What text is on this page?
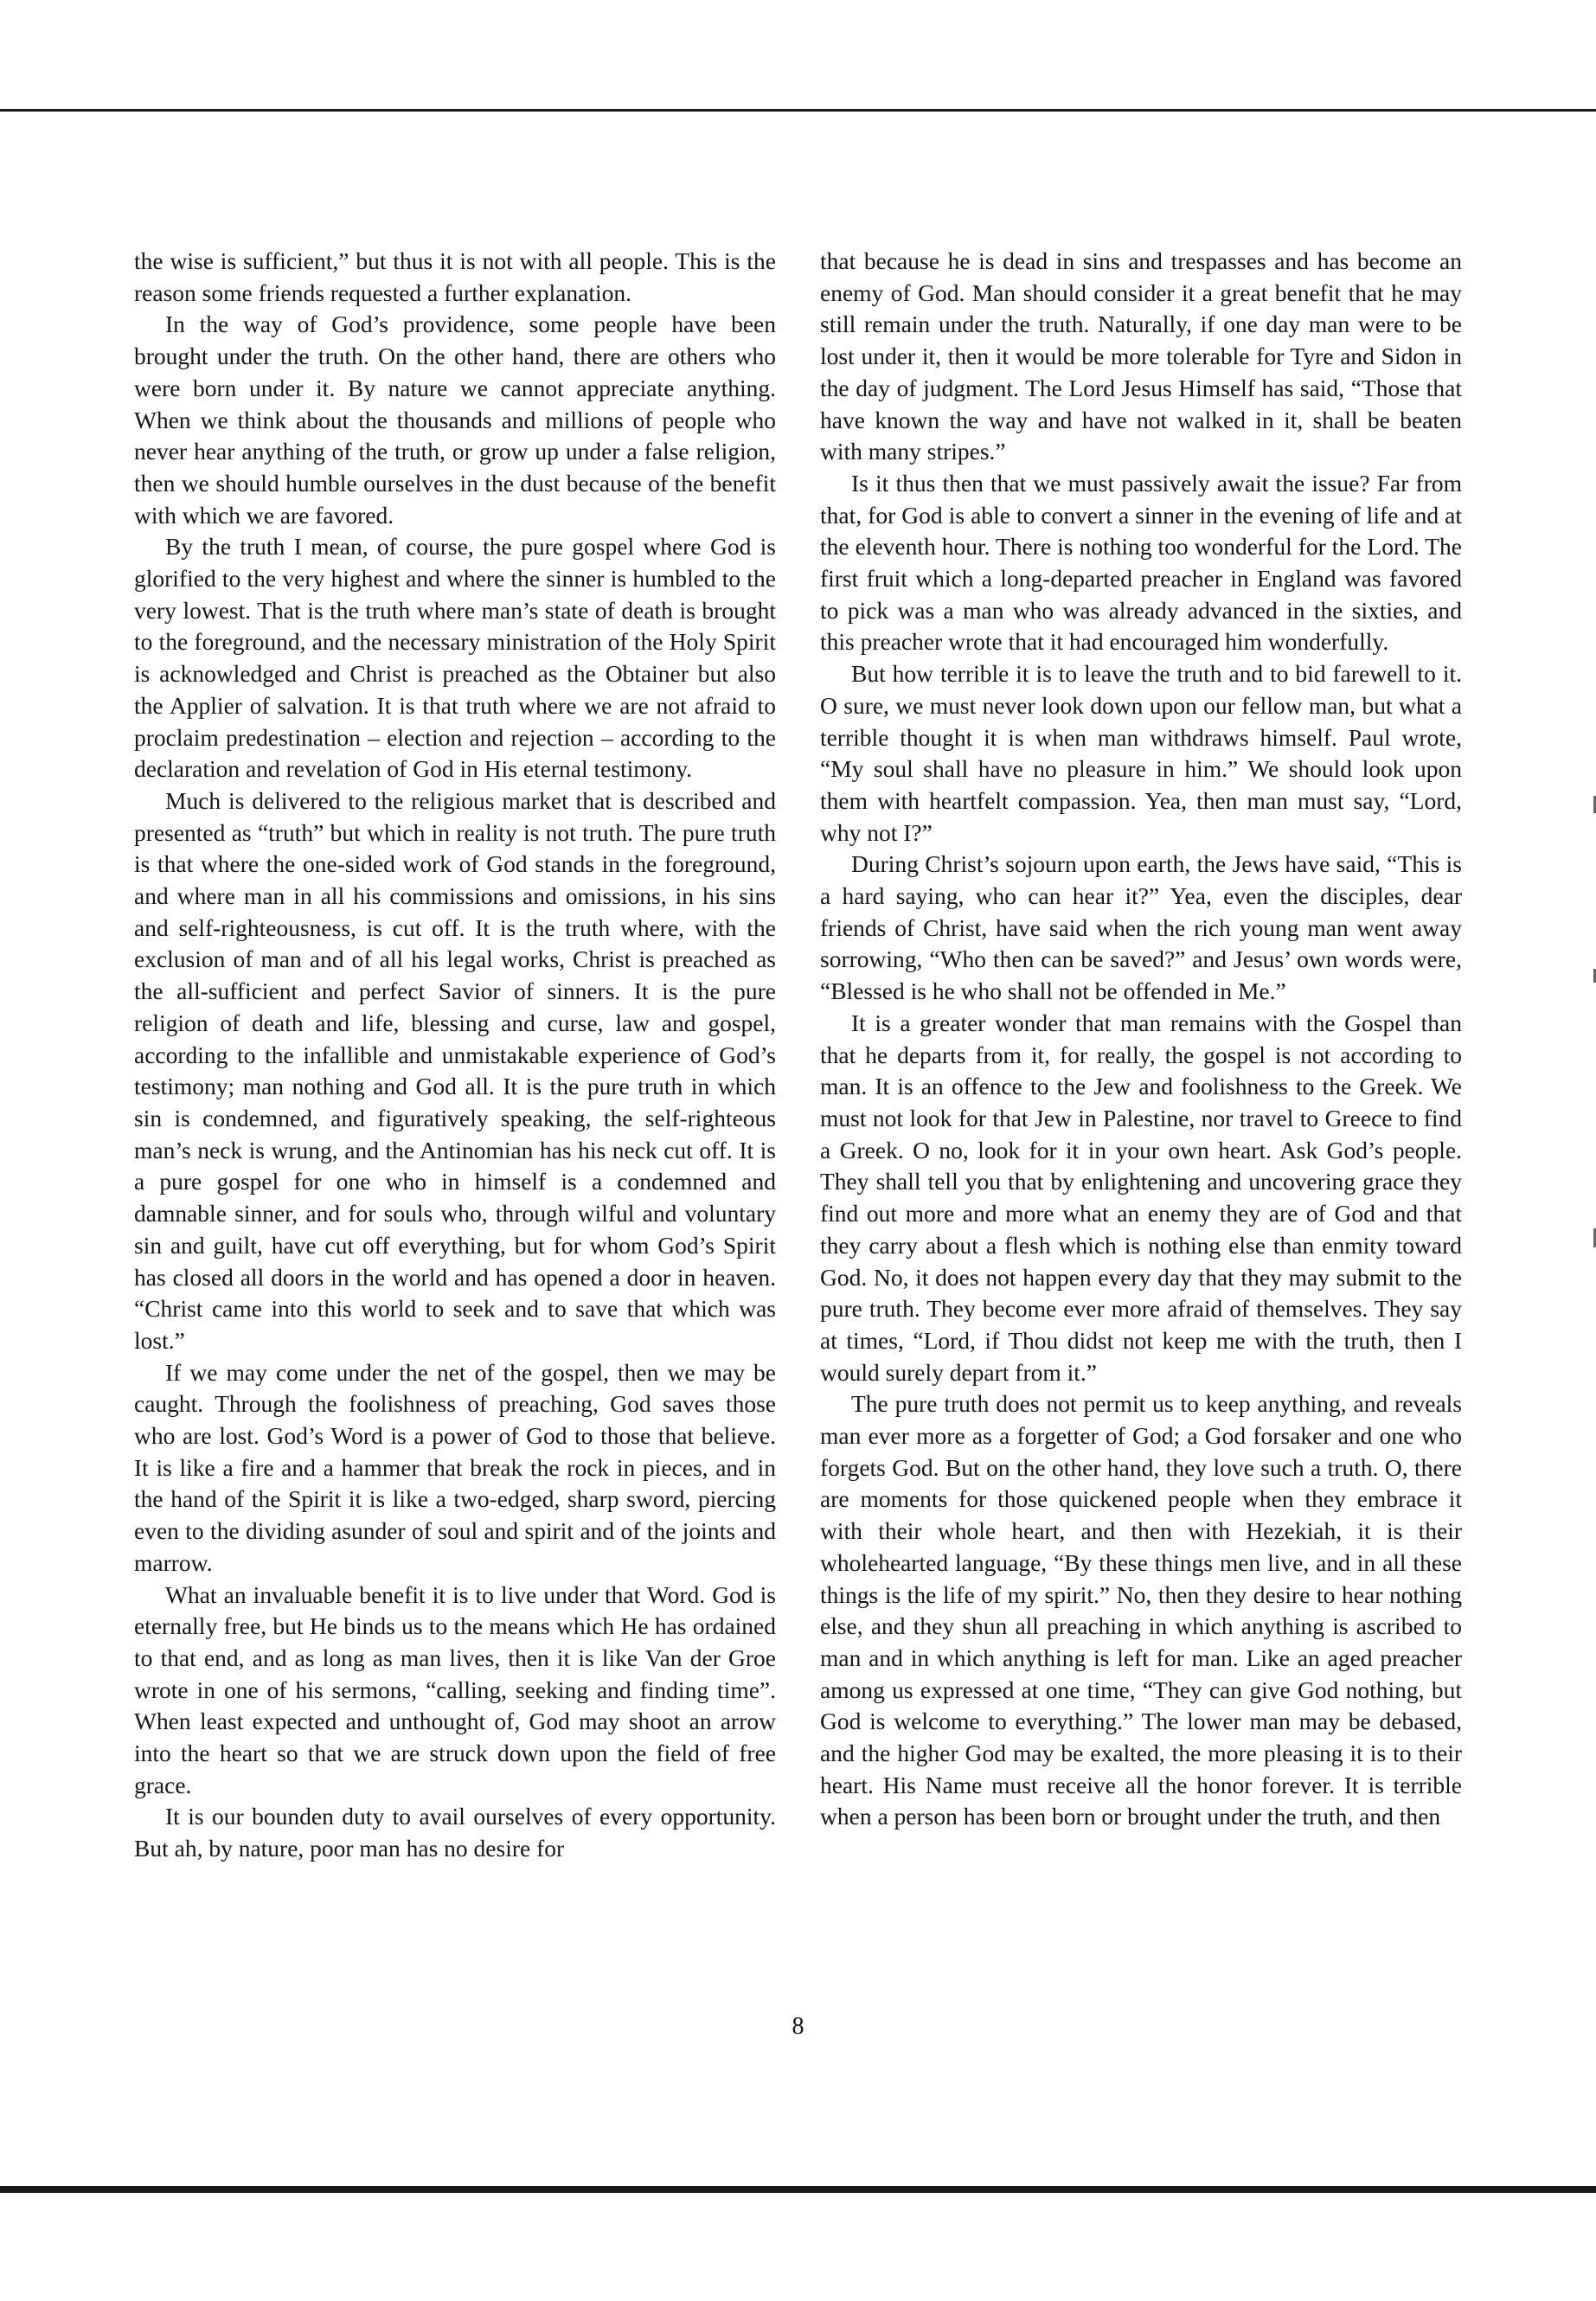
the wise is sufficient,” but thus it is not with all people. This is the reason some friends requested a further explanation.

In the way of God’s providence, some people have been brought under the truth. On the other hand, there are others who were born under it. By nature we cannot appreciate anything. When we think about the thousands and millions of people who never hear anything of the truth, or grow up under a false religion, then we should humble ourselves in the dust because of the benefit with which we are favored.

By the truth I mean, of course, the pure gospel where God is glorified to the very highest and where the sinner is humbled to the very lowest. That is the truth where man’s state of death is brought to the foreground, and the necessary ministration of the Holy Spirit is acknowledged and Christ is preached as the Obtainer but also the Applier of salvation. It is that truth where we are not afraid to proclaim predestination – election and rejection – according to the declaration and revelation of God in His eternal testimony.

Much is delivered to the religious market that is described and presented as “truth” but which in reality is not truth. The pure truth is that where the one-sided work of God stands in the foreground, and where man in all his commissions and omissions, in his sins and self-righteousness, is cut off. It is the truth where, with the exclusion of man and of all his legal works, Christ is preached as the all-sufficient and perfect Savior of sinners. It is the pure religion of death and life, blessing and curse, law and gospel, according to the infallible and unmistakable experience of God’s testimony; man nothing and God all. It is the pure truth in which sin is condemned, and figuratively speaking, the self-righteous man’s neck is wrung, and the Antinomian has his neck cut off. It is a pure gospel for one who in himself is a condemned and damnable sinner, and for souls who, through wilful and voluntary sin and guilt, have cut off everything, but for whom God’s Spirit has closed all doors in the world and has opened a door in heaven. “Christ came into this world to seek and to save that which was lost.”

If we may come under the net of the gospel, then we may be caught. Through the foolishness of preaching, God saves those who are lost. God’s Word is a power of God to those that believe. It is like a fire and a hammer that break the rock in pieces, and in the hand of the Spirit it is like a two-edged, sharp sword, piercing even to the dividing asunder of soul and spirit and of the joints and marrow.

What an invaluable benefit it is to live under that Word. God is eternally free, but He binds us to the means which He has ordained to that end, and as long as man lives, then it is like Van der Groe wrote in one of his sermons, “calling, seeking and finding time”. When least expected and unthought of, God may shoot an arrow into the heart so that we are struck down upon the field of free grace.

It is our bounden duty to avail ourselves of every opportunity. But ah, by nature, poor man has no desire for

that because he is dead in sins and trespasses and has become an enemy of God. Man should consider it a great benefit that he may still remain under the truth. Naturally, if one day man were to be lost under it, then it would be more tolerable for Tyre and Sidon in the day of judgment. The Lord Jesus Himself has said, “Those that have known the way and have not walked in it, shall be beaten with many stripes.”

Is it thus then that we must passively await the issue? Far from that, for God is able to convert a sinner in the evening of life and at the eleventh hour. There is nothing too wonderful for the Lord. The first fruit which a long-departed preacher in England was favored to pick was a man who was already advanced in the sixties, and this preacher wrote that it had encouraged him wonderfully.

But how terrible it is to leave the truth and to bid farewell to it. O sure, we must never look down upon our fellow man, but what a terrible thought it is when man withdraws himself. Paul wrote, “My soul shall have no pleasure in him.” We should look upon them with heartfelt compassion. Yea, then man must say, “Lord, why not I?”

During Christ’s sojourn upon earth, the Jews have said, “This is a hard saying, who can hear it?” Yea, even the disciples, dear friends of Christ, have said when the rich young man went away sorrowing, “Who then can be saved?” and Jesus’ own words were, “Blessed is he who shall not be offended in Me.”

It is a greater wonder that man remains with the Gospel than that he departs from it, for really, the gospel is not according to man. It is an offence to the Jew and foolishness to the Greek. We must not look for that Jew in Palestine, nor travel to Greece to find a Greek. O no, look for it in your own heart. Ask God’s people. They shall tell you that by enlightening and uncovering grace they find out more and more what an enemy they are of God and that they carry about a flesh which is nothing else than enmity toward God. No, it does not happen every day that they may submit to the pure truth. They become ever more afraid of themselves. They say at times, “Lord, if Thou didst not keep me with the truth, then I would surely depart from it.”

The pure truth does not permit us to keep anything, and reveals man ever more as a forgetter of God; a God forsaker and one who forgets God. But on the other hand, they love such a truth. O, there are moments for those quickened people when they embrace it with their whole heart, and then with Hezekiah, it is their wholehearted language, “By these things men live, and in all these things is the life of my spirit.” No, then they desire to hear nothing else, and they shun all preaching in which anything is ascribed to man and in which anything is left for man. Like an aged preacher among us expressed at one time, “They can give God nothing, but God is welcome to everything.” The lower man may be debased, and the higher God may be exalted, the more pleasing it is to their heart. His Name must receive all the honor forever. It is terrible when a person has been born or brought under the truth, and then

8
